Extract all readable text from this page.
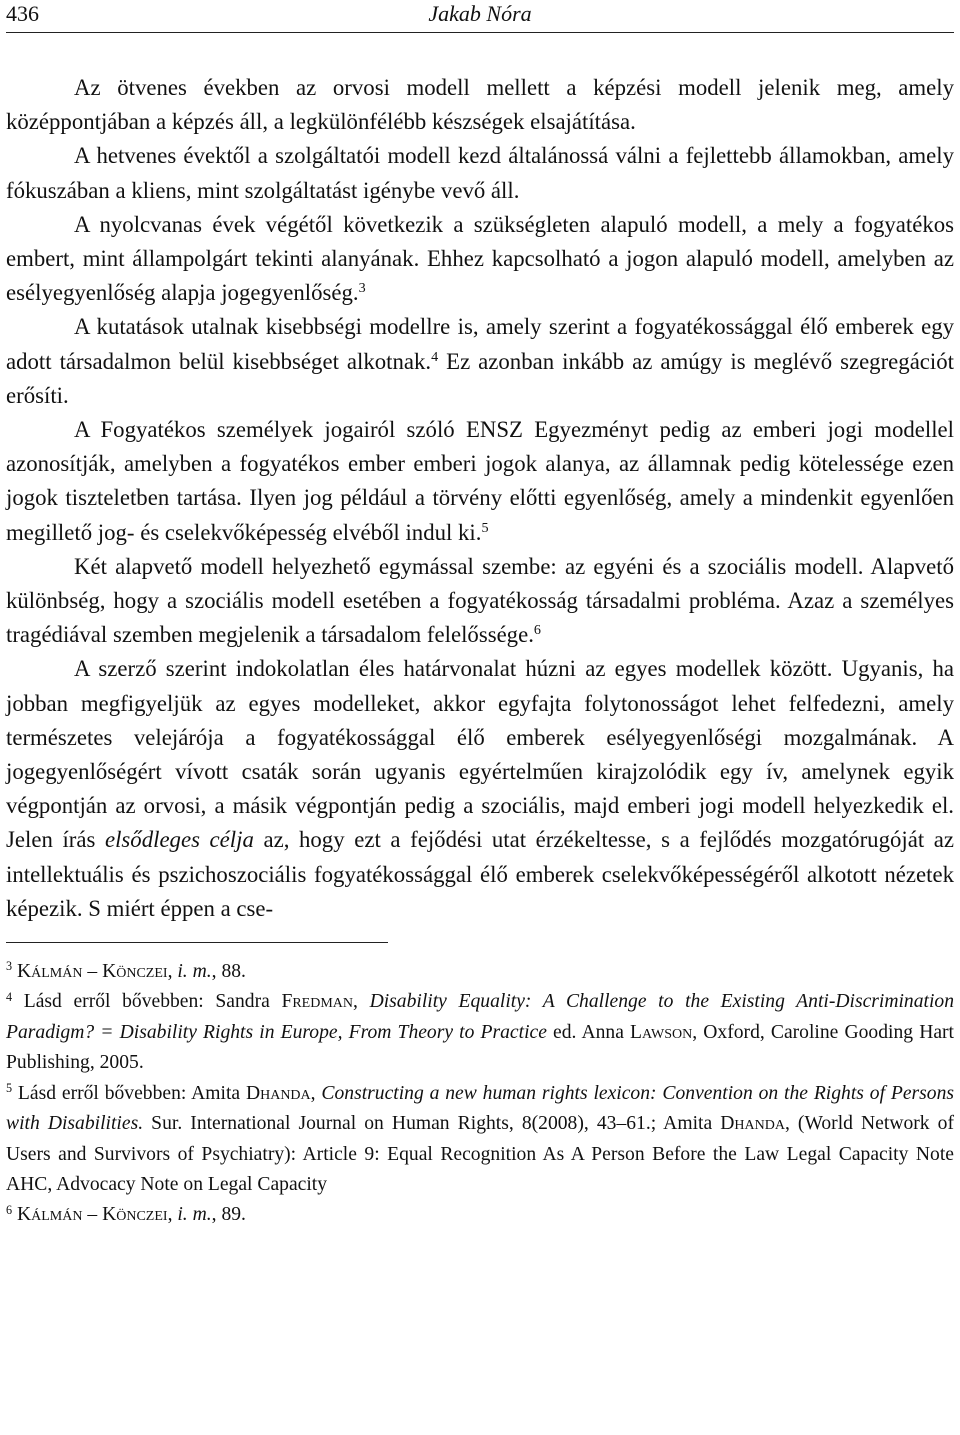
436	Jakab Nóra

Az ötvenes években az orvosi modell mellett a képzési modell jelenik meg, amely középpontjában a képzés áll, a legkülönfélébb készségek elsajátítása.

A hetvenes évektől a szolgáltatói modell kezd általánossá válni a fejlettebb államokban, amely fókuszában a kliens, mint szolgáltatást igénybe vevő áll.

A nyolcvanas évek végétől következik a szükségleten alapuló modell, a mely a fogyatékos embert, mint állampolgárt tekinti alanyának. Ehhez kapcsolható a jogon alapuló modell, amelyben az esélyegyenlőség alapja jogegyenlőség.$^3$

A kutatások utalnak kisebbségi modellre is, amely szerint a fogyatékossággal élő emberek egy adott társadalmon belül kisebbséget alkotnak.$^4$ Ez azonban inkább az amúgy is meglévő szegregációt erősíti.

A Fogyatékos személyek jogairól szóló ENSZ Egyezményt pedig az emberi jogi modellel azonosítják, amelyben a fogyatékos ember emberi jogok alanya, az államnak pedig kötelessége ezen jogok tiszteletben tartása. Ilyen jog például a törvény előtti egyenlőség, amely a mindenkit egyenlően megillető jog- és cselekvőképesség elvéből indul ki.$^5$

Két alapvető modell helyezhető egymással szembe: az egyéni és a szociális modell. Alapvető különbség, hogy a szociális modell esetében a fogyatékosság társadalmi probléma. Azaz a személyes tragédiával szemben megjelenik a társadalom felelőssége.$^6$

A szerző szerint indokolatlan éles határvonalat húzni az egyes modellek között. Ugyanis, ha jobban megfigyeljük az egyes modelleket, akkor egyfajta folytonosságot lehet felfedezni, amely természetes velejárója a fogyatékossággal élő emberek esélyegyenlőségi mozgalmának. A jogegyenlőségért vívott csaták során ugyanis egyértelműen kirajzolódik egy ív, amelynek egyik végpontján az orvosi, a másik végpontján pedig a szociális, majd emberi jogi modell helyezkedik el. Jelen írás elsődleges célja az, hogy ezt a fejődési utat érzékeltesse, s a fejlődés mozgatórugóját az intellektuális és pszichoszociális fogyatékossággal élő emberek cselekvőképességéről alkotott nézetek képezik. S miért éppen a cse-

$^3$ Kálmán – Könczei, i. m., 88.

$^4$ Lásd erről bővebben: Sandra Fredman, Disability Equality: A Challenge to the Existing Anti-Discrimination Paradigm? = Disability Rights in Europe, From Theory to Practice ed. Anna Lawson, Oxford, Caroline Gooding Hart Publishing, 2005.

$^5$ Lásd erről bővebben: Amita Dhanda, Constructing a new human rights lexicon: Convention on the Rights of Persons with Disabilities. Sur. International Journal on Human Rights, 8(2008), 43–61.; Amita Dhanda, (World Network of Users and Survivors of Psychiatry): Article 9: Equal Recognition As A Person Before the Law Legal Capacity Note AHC, Advocacy Note on Legal Capacity

$^6$ Kálmán – Könczei, i. m., 89.
